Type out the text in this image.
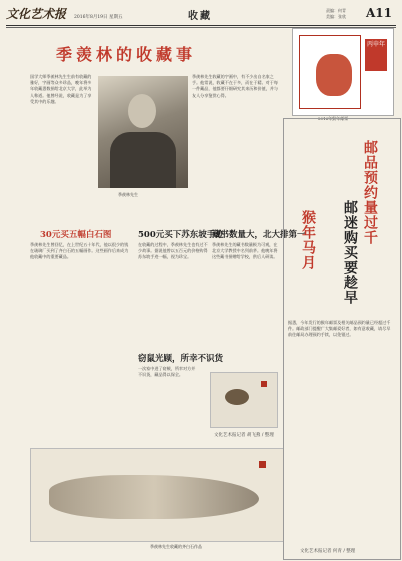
文化艺术报 2016年8月19日 星期五	收藏
责编：何青
美编：张欣 A11
季羡林的收藏事
国学大师季羡林先生生前有收藏的雅好，字画等众多珍品，晚年将多年收藏悉数捐给北京大学，此举为人称道。他曾经说，收藏是为了享受其中的乐趣。
季羡林先生
季羡林先生收藏的字画中，有不少出自名家之手。他常说，收藏不在于多，而在于精。对于每一件藏品，他都要仔细研究其来历和价值，并与友人分享鉴赏心得。
30元买五幅白石图
季羡林先生曾回忆，在上世纪五十年代，他以很少的钱在琉璃厂买到了齐白石的五幅画作。这些画作后来成为他收藏中的重要藏品。
500元买下苏东坡手迹
在收藏的过程中，季羡林先生也有过不少故事。据说他曾以五百元的价格购得苏东坡手迹一幅，视为珍宝。
窃鼠光顾，所幸不识货
一次家中进了窃贼，所幸对方并不识货，藏品得以保全。
藏书数量大，北大排第一
季羡林先生的藏书数量极为可观，在北京大学教授中名列前茅。他晚年将这些藏书捐赠给学校，供后人研读。
文化艺术报记者 胡飞燕 / 整理
季羡林先生收藏的齐白石作品
丙申年
2016年猴年邮票
猴年马月	邮品预约量过千
邮迷购买要趁早
据悉，今年发行的猴年邮票及相关邮品预约量已经超过千件。邮政部门提醒广大集邮爱好者，如有意收藏，请尽早前往邮局办理预约手续，以免错过。
文化艺术报记者 何青 / 整理
